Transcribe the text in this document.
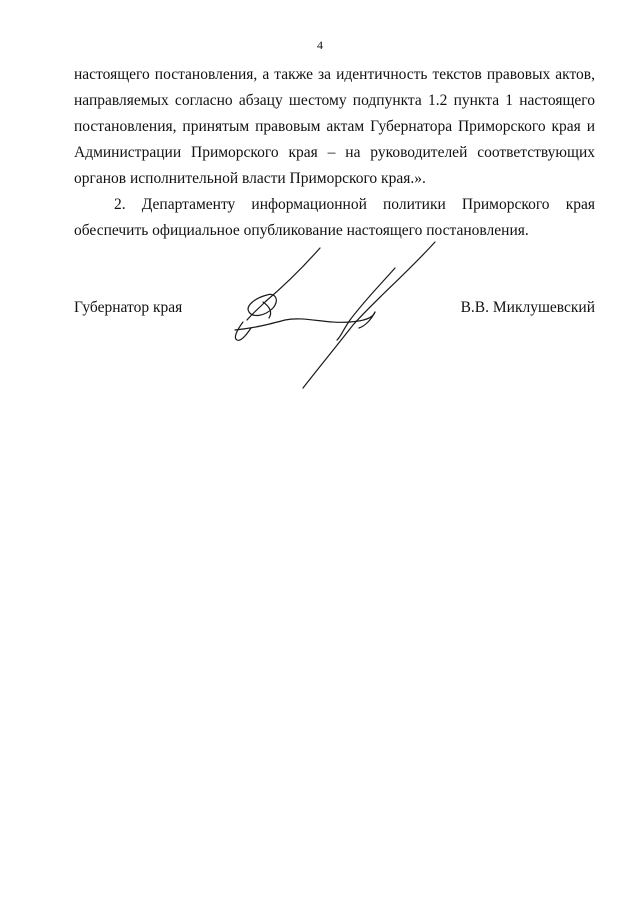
4

настоящего постановления, а также за идентичность текстов правовых актов,
направляемых согласно абзацу шестому подпункта 1.2 пункта 1 настоящего
постановления, принятым правовым актам Губернатора Приморского края и
Администрации Приморского края – на руководителей соответствующих
органов исполнительной власти Приморского края.».

2. Департаменту информационной политики Приморского края
обеспечить официальное опубликование настоящего постановления.

Губернатор края	В.В. Миклушевский
